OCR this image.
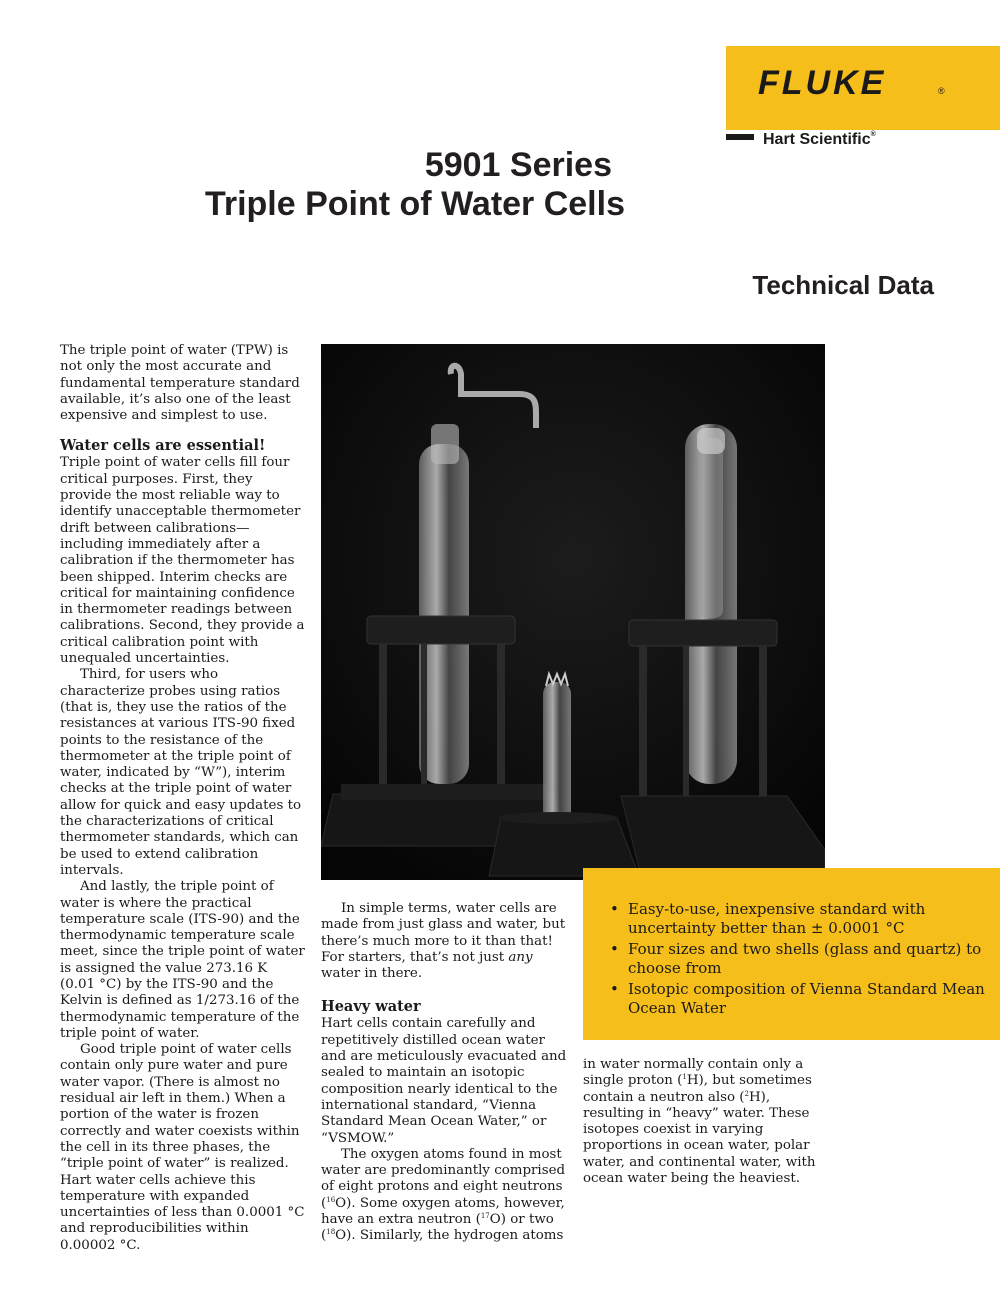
FLUKE	®
Hart Scientific®
5901 Series
Triple Point of Water Cells
Technical Data
• Easy-to-use, inexpensive standard with uncertainty better than ± 0.0001 °C
• Four sizes and two shells (glass and quartz) to choose from
• Isotopic composition of Vienna Standard Mean Ocean Water

The triple point of water (TPW) is not only the most accurate and fundamental temperature standard available, it’s also one of the least expensive and simplest to use.

Water cells are essential!

Triple point of water cells fill four critical purposes. First, they provide the most reliable way to identify unacceptable thermometer drift between calibrations—including immediately after a calibration if the thermometer has been shipped. Interim checks are critical for maintaining confidence in thermometer readings between calibrations. Second, they provide a critical calibration point with unequaled uncertainties.

Third, for users who characterize probes using ratios (that is, they use the ratios of the resistances at various ITS-90 fixed points to the resistance of the thermometer at the triple point of water, indicated by “W”), interim checks at the triple point of water allow for quick and easy updates to the characterizations of critical thermometer standards, which can be used to extend calibration intervals.

And lastly, the triple point of water is where the practical temperature scale (ITS-90) and the thermodynamic temperature scale meet, since the triple point of water is assigned the value 273.16 K (0.01 °C) by the ITS-90 and the Kelvin is defined as 1/273.16 of the thermodynamic temperature of the triple point of water.

Good triple point of water cells contain only pure water and pure water vapor. (There is almost no residual air left in them.) When a portion of the water is frozen correctly and water coexists within the cell in its three phases, the “triple point of water” is realized. Hart water cells achieve this temperature with expanded uncertainties of less than 0.0001 °C and reproducibilities within 0.00002 °C.

In simple terms, water cells are made from just glass and water, but there’s much more to it than that! For starters, that’s not just any water in there.

Heavy water

Hart cells contain carefully and repetitively distilled ocean water and are meticulously evacuated and sealed to maintain an isotopic composition nearly identical to the international standard, “Vienna Standard Mean Ocean Water,” or “VSMOW.”

The oxygen atoms found in most water are predominantly comprised of eight protons and eight neutrons ($^{16}$O). Some oxygen atoms, however, have an extra neutron ($^{17}$O) or two ($^{18}$O). Similarly, the hydrogen atoms

in water normally contain only a single proton ($^1$H), but sometimes contain a neutron also ($^2$H), resulting in “heavy” water. These isotopes coexist in varying proportions in ocean water, polar water, and continental water, with ocean water being the heaviest.
